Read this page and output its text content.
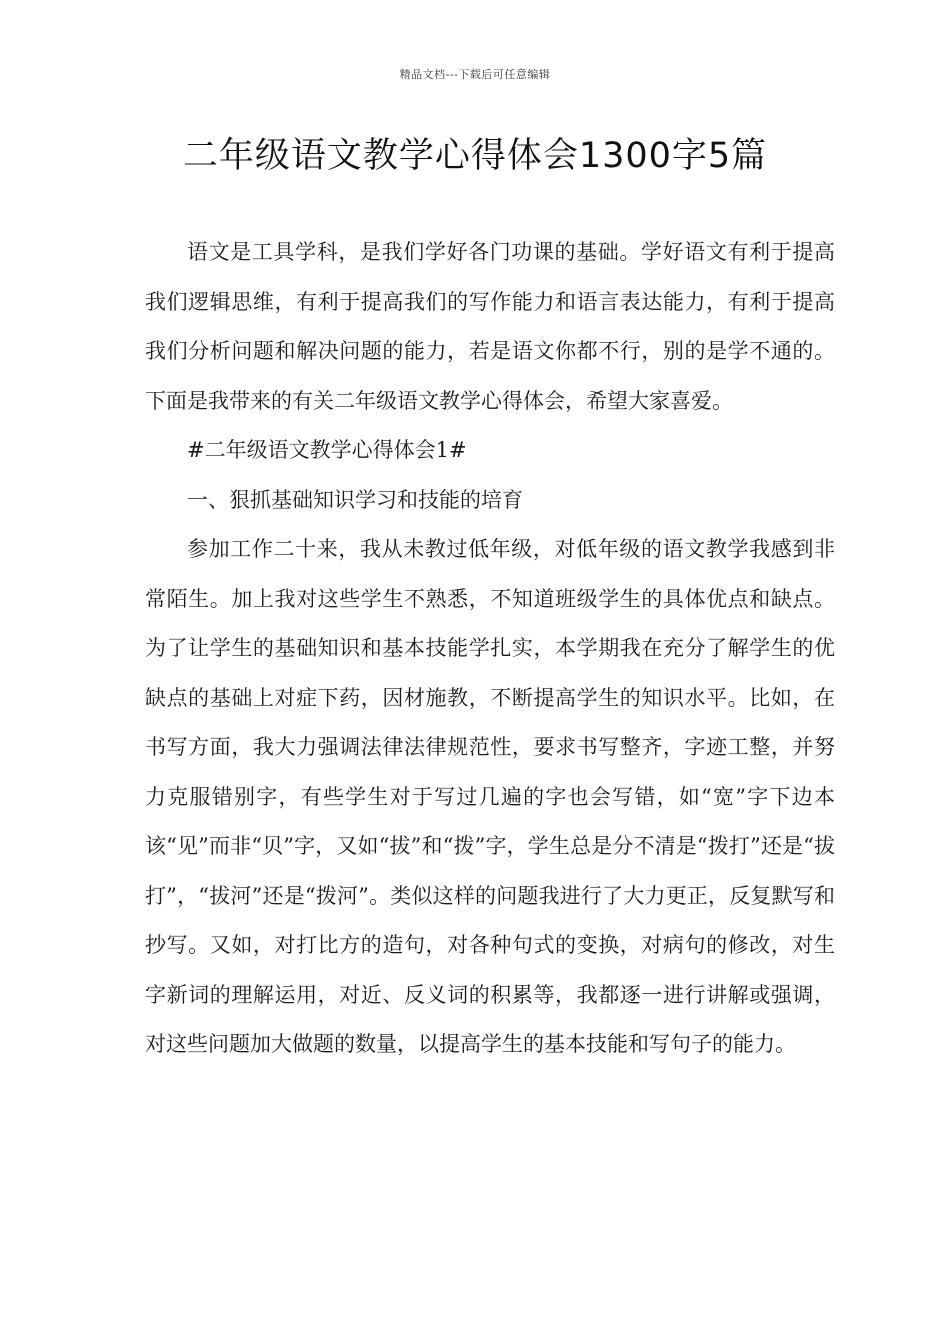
精品文档---下载后可任意编辑
二年级语文教学心得体会1300字5篇

语文是工具学科，是我们学好各门功课的基础。学好语文有利于提高我们逻辑思维，有利于提高我们的写作能力和语言表达能力，有利于提高我们分析问题和解决问题的能力，若是语文你都不行，别的是学不通的。下面是我带来的有关二年级语文教学心得体会，希望大家喜爱。

#二年级语文教学心得体会1#

一、狠抓基础知识学习和技能的培育

参加工作二十来，我从未教过低年级，对低年级的语文教学我感到非常陌生。加上我对这些学生不熟悉，不知道班级学生的具体优点和缺点。为了让学生的基础知识和基本技能学扎实，本学期我在充分了解学生的优缺点的基础上对症下药，因材施教，不断提高学生的知识水平。比如，在书写方面，我大力强调法律法律规范性，要求书写整齐，字迹工整，并努力克服错别字，有些学生对于写过几遍的字也会写错，如“宽”字下边本该“见”而非“贝”字，又如“拔”和“拨”字，学生总是分不清是“拨打”还是“拔打”，“拔河”还是“拨河”。类似这样的问题我进行了大力更正，反复默写和抄写。又如，对打比方的造句，对各种句式的变换，对病句的修改，对生字新词的理解运用，对近、反义词的积累等，我都逐一进行讲解或强调，对这些问题加大做题的数量，以提高学生的基本技能和写句子的能力。
